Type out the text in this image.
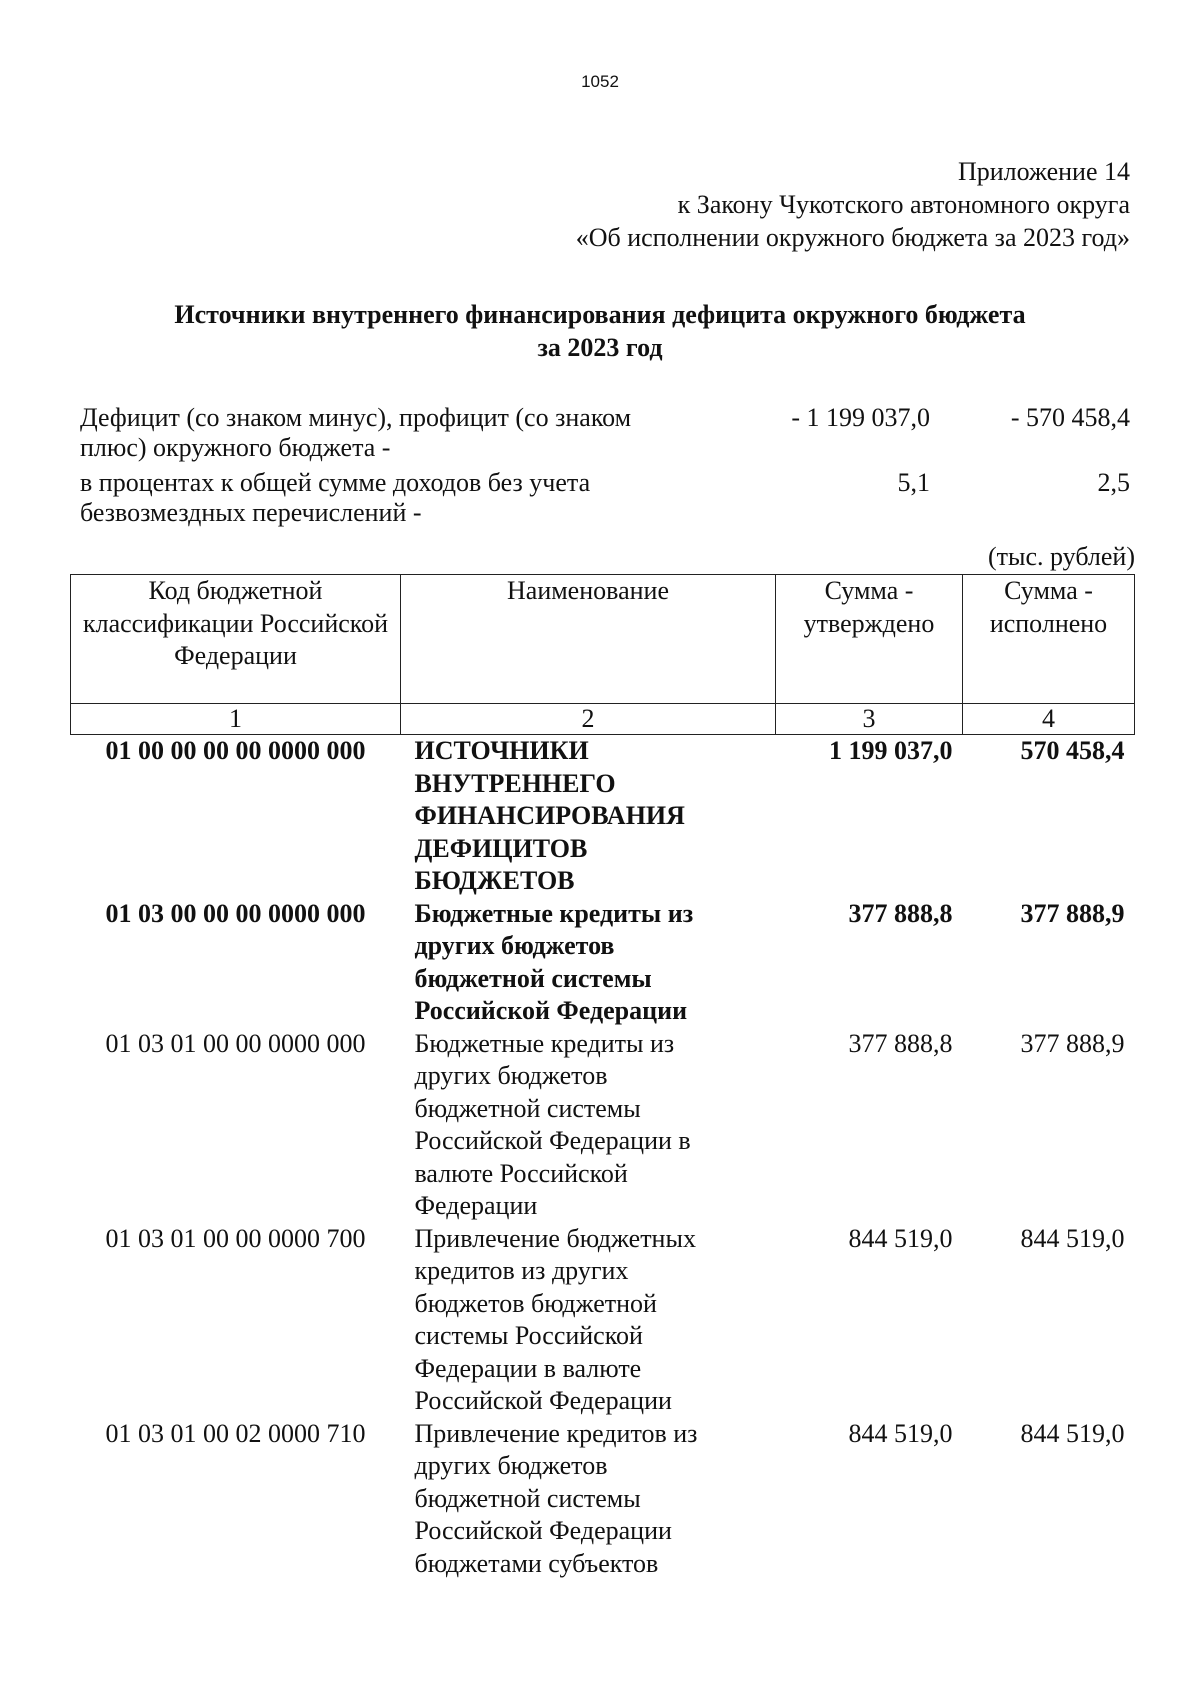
1052
Приложение 14
к Закону Чукотского автономного округа
«Об исполнении окружного бюджета за 2023 год»
Источники внутреннего финансирования дефицита окружного бюджета
за 2023 год
Дефицит (со знаком минус), профицит (со знаком плюс) окружного бюджета -
- 1 199 037,0	- 570 458,4
в процентах к общей сумме доходов без учета безвозмездных перечислений -
5,1	2,5
(тыс. рублей)
Код бюджетной классификации Российской Федерации	Наименование	Сумма - утверждено	Сумма - исполнено

1	2	3	4
01 00 00 00 00 0000 000	ИСТОЧНИКИ ВНУТРЕННЕГО ФИНАНСИРОВАНИЯ ДЕФИЦИТОВ БЮДЖЕТОВ	1 199 037,0	570 458,4
01 03 00 00 00 0000 000	Бюджетные кредиты из других бюджетов бюджетной системы Российской Федерации	377 888,8	377 888,9
01 03 01 00 00 0000 000	Бюджетные кредиты из других бюджетов бюджетной системы Российской Федерации в валюте Российской Федерации	377 888,8	377 888,9
01 03 01 00 00 0000 700	Привлечение бюджетных кредитов из других бюджетов бюджетной системы Российской Федерации в валюте Российской Федерации	844 519,0	844 519,0
01 03 01 00 02 0000 710	Привлечение кредитов из других бюджетов бюджетной системы Российской Федерации бюджетами субъектов	844 519,0	844 519,0
